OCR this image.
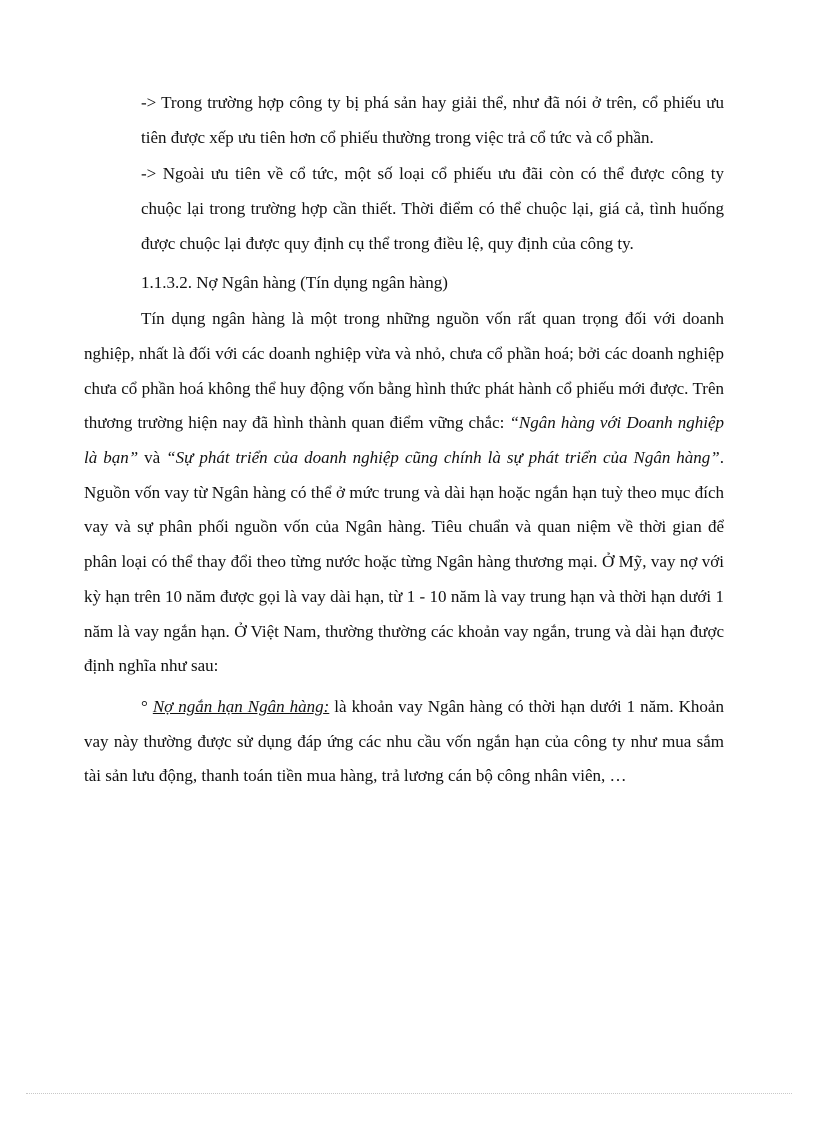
-> Trong trường hợp công ty bị phá sản hay giải thể, như đã nói ở trên, cổ phiếu ưu tiên được xếp ưu tiên hơn cổ phiếu thường trong việc trả cổ tức và cổ phần.

-> Ngoài ưu tiên về cổ tức, một số loại cổ phiếu ưu đãi còn có thể được công ty chuộc lại trong trường hợp cần thiết. Thời điểm có thể chuộc lại, giá cả, tình huống được chuộc lại được quy định cụ thể trong điều lệ, quy định của công ty.

1.1.3.2. Nợ Ngân hàng (Tín dụng ngân hàng)

Tín dụng ngân hàng là một trong những nguồn vốn rất quan trọng đối với doanh nghiệp, nhất là đối với các doanh nghiệp vừa và nhỏ, chưa cổ phần hoá; bởi các doanh nghiệp chưa cổ phần hoá không thể huy động vốn bằng hình thức phát hành cổ phiếu mới được. Trên thương trường hiện nay đã hình thành quan điểm vững chắc: “Ngân hàng với Doanh nghiệp là bạn” và “Sự phát triển của doanh nghiệp cũng chính là sự phát triển của Ngân hàng”. Nguồn vốn vay từ Ngân hàng có thể ở mức trung và dài hạn hoặc ngắn hạn tuỳ theo mục đích vay và sự phân phối nguồn vốn của Ngân hàng. Tiêu chuẩn và quan niệm về thời gian để phân loại có thể thay đổi theo từng nước hoặc từng Ngân hàng thương mại. Ở Mỹ, vay nợ với kỳ hạn trên 10 năm được gọi là vay dài hạn, từ 1 - 10 năm là vay trung hạn và thời hạn dưới 1 năm là vay ngắn hạn. Ở Việt Nam, thường thường các khoản vay ngắn, trung và dài hạn được định nghĩa như sau:

° Nợ ngắn hạn Ngân hàng: là khoản vay Ngân hàng có thời hạn dưới 1 năm. Khoản vay này thường được sử dụng đáp ứng các nhu cầu vốn ngắn hạn của công ty như mua sắm tài sản lưu động, thanh toán tiền mua hàng, trả lương cán bộ công nhân viên, …
